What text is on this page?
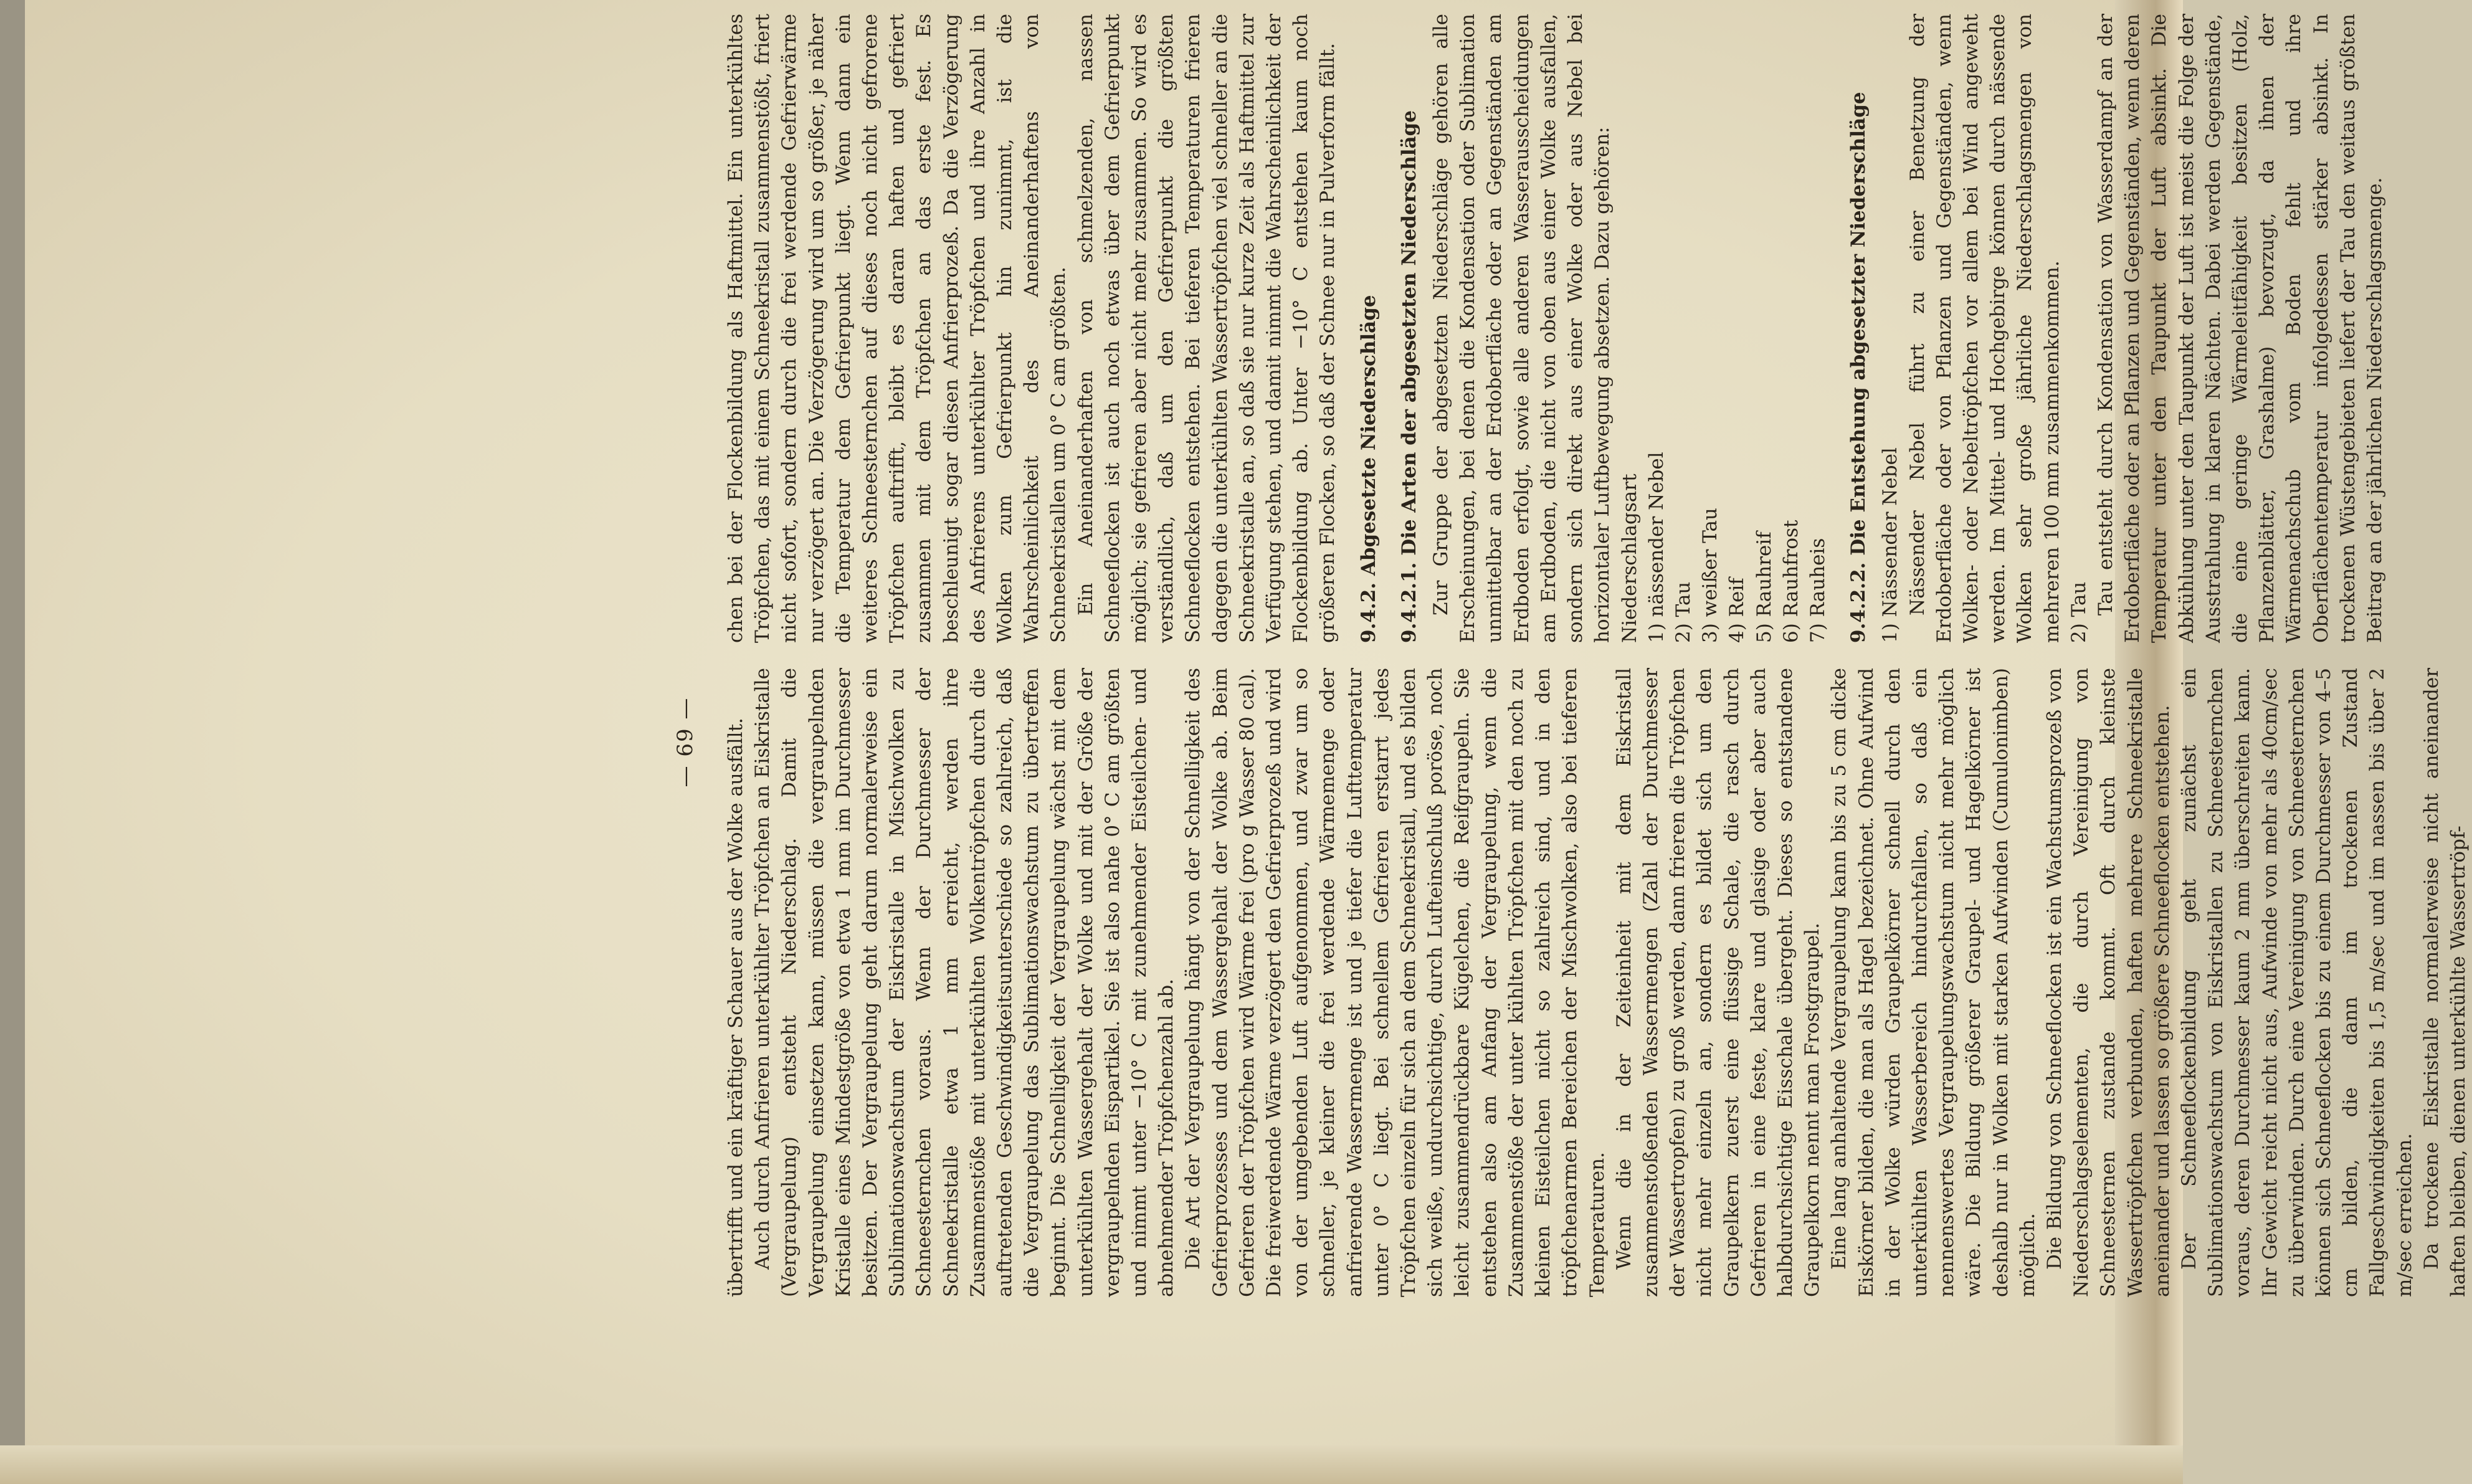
— 69 — übertrifft und ein kräftiger Schauer aus der Wolke ausfällt. Auch durch Anfrieren unterkühlter Tröpfchen an Eiskristalle (Vergraupelung) entsteht Niederschlag. Damit die Vergraupelung einsetzen kann, müssen die vergraupelnden Kristalle eines Mindestgröße von etwa 1 mm im Durchmesser besitzen. Der Vergraupelung geht darum normalerweise ein Sublimationswachstum der Eiskristalle in Mischwolken zu Schneesternchen voraus. Wenn der Durchmesser der Schneekristalle etwa 1 mm erreicht, werden ihre Zusammenstöße mit unterkühlten Wolkentröpfchen durch die auftretenden Geschwindigkeitsunterschiede so zahlreich, daß die Vergraupelung das Sublimationswachstum zu übertreffen beginnt. Die Schnelligkeit der Vergraupelung wächst mit dem unterkühlten Wassergehalt der Wolke und mit der Größe der vergraupelnden Eispartikel. Sie ist also nahe 0° C am größten und nimmt unter −10° C mit zunehmender Eisteilchen- und abnehmender Tröpfchenzahl ab. Die Art der Vergraupelung hängt von der Schnelligkeit des Gefrierprozesses und dem Wassergehalt der Wolke ab. Beim Gefrieren der Tröpfchen wird Wärme frei (pro g Wasser 80 cal). Die freiwerdende Wärme verzögert den Gefrierprozeß und wird von der umgebenden Luft aufgenommen, und zwar um so schneller, je kleiner die frei werdende Wärmemenge oder anfrierende Wassermenge ist und je tiefer die Lufttemperatur unter 0° C liegt. Bei schnellem Gefrieren erstarrt jedes Tröpfchen einzeln für sich an dem Schneekristall, und es bilden sich weiße, undurchsichtige, durch Lufteinschluß poröse, noch leicht zusammendrückbare Kügelchen, die Reifgraupeln. Sie entstehen also am Anfang der Vergraupelung, wenn die Zusammenstöße der unter kühlten Tröpfchen mit den noch zu kleinen Eisteilchen nicht so zahlreich sind, und in den tröpfchenarmen Bereichen der Mischwolken, also bei tieferen Temperaturen. Wenn die in der Zeiteinheit mit dem Eiskristall zusammenstoßenden Wassermengen (Zahl der Durchmesser der Wassertropfen) zu groß werden, dann frieren die Tröpfchen nicht mehr einzeln an, sondern es bildet sich um den Graupelkern zuerst eine flüssige Schale, die rasch durch Gefrieren in eine feste, klare und glasige oder aber auch halbdurchsichtige Eisschale übergeht. Dieses so entstandene Graupelkorn nennt man Frostgraupel. Eine lang anhaltende Vergraupelung kann bis zu 5 cm dicke Eiskörner bilden, die man als Hagel bezeichnet. Ohne Aufwind in der Wolke würden Graupelkörner schnell durch den unterkühlten Wasserbereich hindurchfallen, so daß ein nennenswertes Vergraupelungswachstum nicht mehr möglich wäre. Die Bildung größerer Graupel- und Hagelkörner ist deshalb nur in Wolken mit starken Aufwinden (Cumulonimben) möglich. Die Bildung von Schneeflocken ist ein Wachstumsprozeß von Niederschlagselementen, die durch Vereinigung von Schneesternen zustande kommt. Oft durch kleinste Wassertröpfchen verbunden, haften mehrere Schneekristalle aneinander und lassen so größere Schneeflocken entstehen. Der Schneeflockenbildung geht zunächst ein Sublimationswachstum von Eiskristallen zu Schneesternchen voraus, deren Durchmesser kaum 2 mm überschreiten kann. Ihr Gewicht reicht nicht aus, Aufwinde von mehr als 40cm/sec zu überwinden. Durch eine Vereinigung von Schneesternchen können sich Schneeflocken bis zu einem Durchmesser von 4–5 cm bilden, die dann im trockenen Zustand Fallgeschwindigkeiten bis 1,5 m/sec und im nassen bis über 2 m/sec erreichen. Da trockene Eiskristalle normalerweise nicht aneinander haften bleiben, dienen unterkühlte Wassertröpf-

chen bei der Flockenbildung als Haftmittel. Ein unterkühltes Tröpfchen, das mit einem Schneekristall zusammenstößt, friert nicht sofort, sondern durch die frei werdende Gefrierwärme nur verzögert an. Die Verzögerung wird um so größer, je näher die Temperatur dem Gefrierpunkt liegt. Wenn dann ein weiteres Schneesternchen auf dieses noch nicht gefrorene Tröpfchen auftrifft, bleibt es daran haften und gefriert zusammen mit dem Tröpfchen an das erste fest. Es beschleunigt sogar diesen Anfrierprozeß. Da die Verzögerung des Anfrierens unterkühlter Tröpfchen und ihre Anzahl in Wolken zum Gefrierpunkt hin zunimmt, ist die Wahrscheinlichkeit des Aneinanderhaftens von Schneekristallen um 0° C am größten. Ein Aneinanderhaften von schmelzenden, nassen Schneeflocken ist auch noch etwas über dem Gefrierpunkt möglich; sie gefrieren aber nicht mehr zusammen. So wird es verständlich, daß um den Gefrierpunkt die größten Schneeflocken entstehen. Bei tieferen Temperaturen frieren dagegen die unterkühlten Wassertröpfchen viel schneller an die Schneekristalle an, so daß sie nur kurze Zeit als Haftmittel zur Verfügung stehen, und damit nimmt die Wahrscheinlichkeit der Flockenbildung ab. Unter −10° C entstehen kaum noch größeren Flocken, so daß der Schnee nur in Pulverform fällt. 9.4.2. Abgesetzte Niederschläge 9.4.2.1. Die Arten der abgesetzten Niederschläge Zur Gruppe der abgesetzten Niederschläge gehören alle Erscheinungen, bei denen die Kondensation oder Sublimation unmittelbar an der Erdoberfläche oder an Gegenständen am Erdboden erfolgt, sowie alle anderen Wasserausscheidungen am Erdboden, die nicht von oben aus einer Wolke ausfallen, sondern sich direkt aus einer Wolke oder aus Nebel bei horizontaler Luftbewegung absetzen. Dazu gehören: Niederschlagsart 1) nässender Nebel 2) Tau 3) weißer Tau 4) Reif 5) Rauhreif 6) Rauhfrost 7) Rauheis 9.4.2.2. Die Entstehung abgesetzter Niederschläge 1) Nässender Nebel Nässender Nebel führt zu einer Benetzung der Erdoberfläche oder von Pflanzen und Gegenständen, wenn Wolken- oder Nebeltröpfchen vor allem bei Wind angeweht werden. Im Mittel- und Hochgebirge können durch nässende Wolken sehr große jährliche Niederschlagsmengen von mehreren 100 mm zusammenkommen. 2) Tau Tau entsteht durch Kondensation von Wasserdampf an der Erdoberfläche oder an Pflanzen und Gegenständen, wenn deren Temperatur unter den Taupunkt der Luft absinkt. Die Abkühlung unter den Taupunkt der Luft ist meist die Folge der Ausstrahlung in klaren Nächten. Dabei werden Gegenstände, die eine geringe Wärmeleitfähigkeit besitzen (Holz, Pflanzenblätter, Grashalme) bevorzugt, da ihnen der Wärmenachschub vom Boden fehlt und ihre Oberflächentemperatur infolgedessen stärker absinkt. In trockenen Wüstengebieten liefert der Tau den weitaus größten Beitrag an der jährlichen Niederschlagsmenge.
